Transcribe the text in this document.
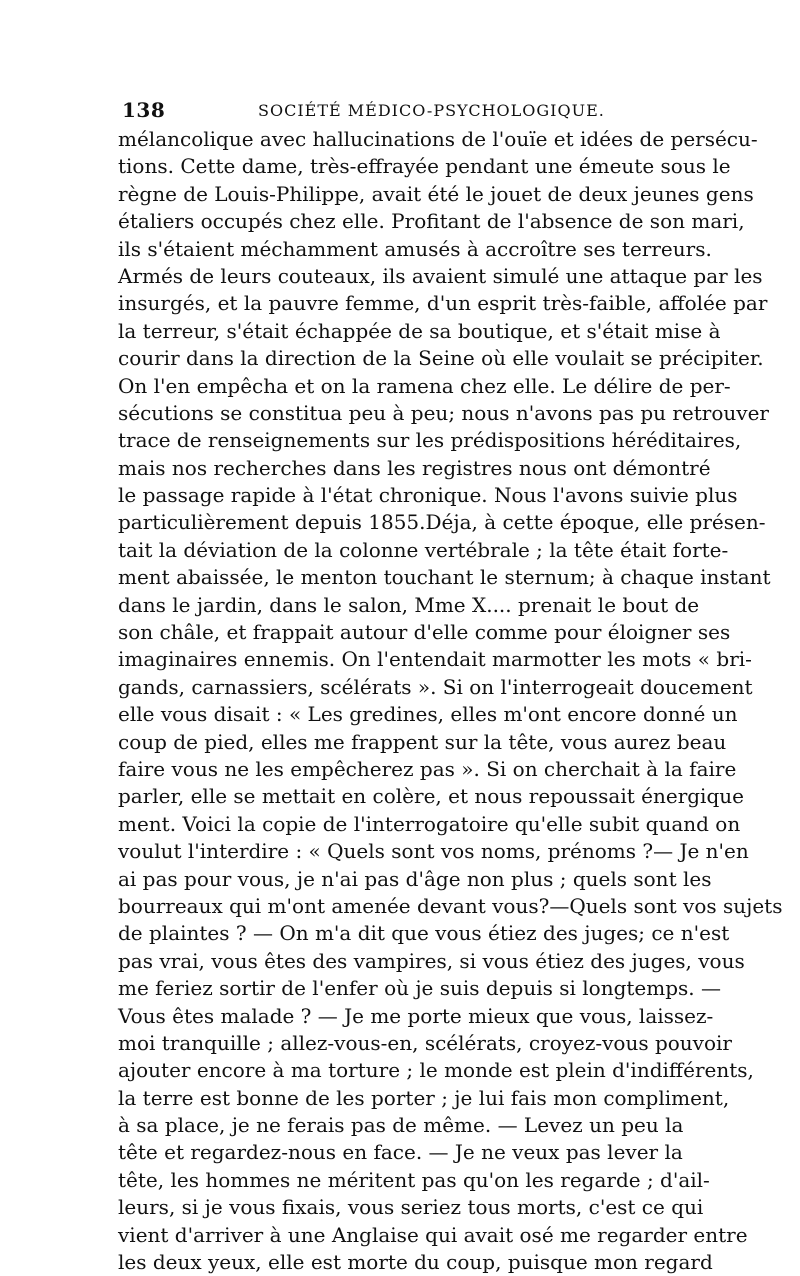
138	SOCIÉTÉ MÉDICO-PSYCHOLOGIQUE.
mélancolique avec hallucinations de l'ouïe et idées de persécu-
tions. Cette dame, très-effrayée pendant une émeute sous le
règne de Louis-Philippe, avait été le jouet de deux jeunes gens
étaliers occupés chez elle. Profitant de l'absence de son mari,
ils s'étaient méchamment amusés à accroître ses terreurs.
Armés de leurs couteaux, ils avaient simulé une attaque par les
insurgés, et la pauvre femme, d'un esprit très-faible, affolée par
la terreur, s'était échappée de sa boutique, et s'était mise à
courir dans la direction de la Seine où elle voulait se précipiter.
On l'en empêcha et on la ramena chez elle. Le délire de per-
sécutions se constitua peu à peu; nous n'avons pas pu retrouver
trace de renseignements sur les prédispositions héréditaires,
mais nos recherches dans les registres nous ont démontré
le passage rapide à l'état chronique. Nous l'avons suivie plus
particulièrement depuis 1855.Déja, à cette époque, elle présen-
tait la déviation de la colonne vertébrale ; la tête était forte-
ment abaissée, le menton touchant le sternum; à chaque instant
dans le jardin, dans le salon, Mme X.... prenait le bout de
son châle, et frappait autour d'elle comme pour éloigner ses
imaginaires ennemis. On l'entendait marmotter les mots « bri-
gands, carnassiers, scélérats ». Si on l'interrogeait doucement
elle vous disait : « Les gredines, elles m'ont encore donné un
coup de pied, elles me frappent sur la tête, vous aurez beau
faire vous ne les empêcherez pas ». Si on cherchait à la faire
parler, elle se mettait en colère, et nous repoussait énergique
ment. Voici la copie de l'interrogatoire qu'elle subit quand on
voulut l'interdire : « Quels sont vos noms, prénoms ?— Je n'en
ai pas pour vous, je n'ai pas d'âge non plus ; quels sont les
bourreaux qui m'ont amenée devant vous?—Quels sont vos sujets
de plaintes ? — On m'a dit que vous étiez des juges; ce n'est
pas vrai, vous êtes des vampires, si vous étiez des juges, vous
me feriez sortir de l'enfer où je suis depuis si longtemps. —
Vous êtes malade ? — Je me porte mieux que vous, laissez-
moi tranquille ; allez-vous-en, scélérats, croyez-vous pouvoir
ajouter encore à ma torture ; le monde est plein d'indifférents,
la terre est bonne de les porter ; je lui fais mon compliment,
à sa place, je ne ferais pas de même. — Levez un peu la
tête et regardez-nous en face. — Je ne veux pas lever la
tête, les hommes ne méritent pas qu'on les regarde ; d'ail-
leurs, si je vous fixais, vous seriez tous morts, c'est ce qui
vient d'arriver à une Anglaise qui avait osé me regarder entre
les deux yeux, elle est morte du coup, puisque mon regard
